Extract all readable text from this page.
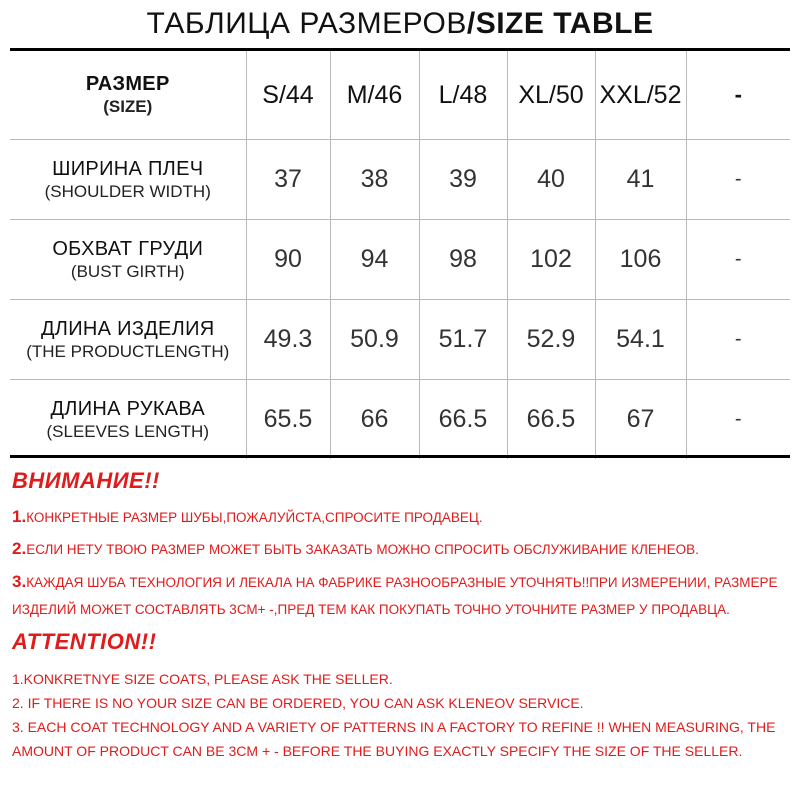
ТАБЛИЦА РАЗМЕРОВ/SIZE TABLE
РАЗМЕР
(SIZE)	S/44	M/46	L/48	XL/50	XXL/52	-

ШИРИНА ПЛЕЧ
(SHOULDER WIDTH)	37	38	39	40	41	-

ОБХВАТ ГРУДИ
(BUST GIRTH)	90	94	98	102	106	-

ДЛИНА ИЗДЕЛИЯ
(THE PRODUCTLENGTH)	49.3	50.9	51.7	52.9	54.1	-

ДЛИНА РУКАВА
(SLEEVES LENGTH)	65.5	66	66.5	66.5	67	-

ВНИМАНИЕ!!

1.КОНКРЕТНЫЕ РАЗМЕР ШУБЫ,ПОЖАЛУЙСТА,СПРОСИТЕ ПРОДАВЕЦ.

2.ЕСЛИ НЕТУ ТВОЮ РАЗМЕР МОЖЕТ БЫТЬ ЗАКАЗАТЬ МОЖНО СПРОСИТЬ ОБСЛУЖИВАНИЕ КЛЕНЕОВ.

3.КАЖДАЯ ШУБА ТЕХНОЛОГИЯ И ЛЕКАЛА НА ФАБРИКЕ РАЗНООБРАЗНЫЕ УТОЧНЯТЬ!!ПРИ ИЗМЕРЕНИИ, РАЗМЕРЕ ИЗДЕЛИЙ МОЖЕТ СОСТАВЛЯТЬ 3СМ+ -,ПРЕД ТЕМ КАК ПОКУПАТЬ ТОЧНО УТОЧНИТЕ РАЗМЕР У ПРОДАВЦА.

ATTENTION!!

1.KONKRETNYE SIZE COATS, PLEASE ASK THE SELLER.

2. IF THERE IS NO YOUR SIZE CAN BE ORDERED, YOU CAN ASK KLENEOV SERVICE.

3. EACH COAT TECHNOLOGY AND A VARIETY OF PATTERNS IN A FACTORY TO REFINE !! WHEN MEASURING, THE AMOUNT OF PRODUCT CAN BE 3CM + - BEFORE THE BUYING EXACTLY SPECIFY THE SIZE OF THE SELLER.
